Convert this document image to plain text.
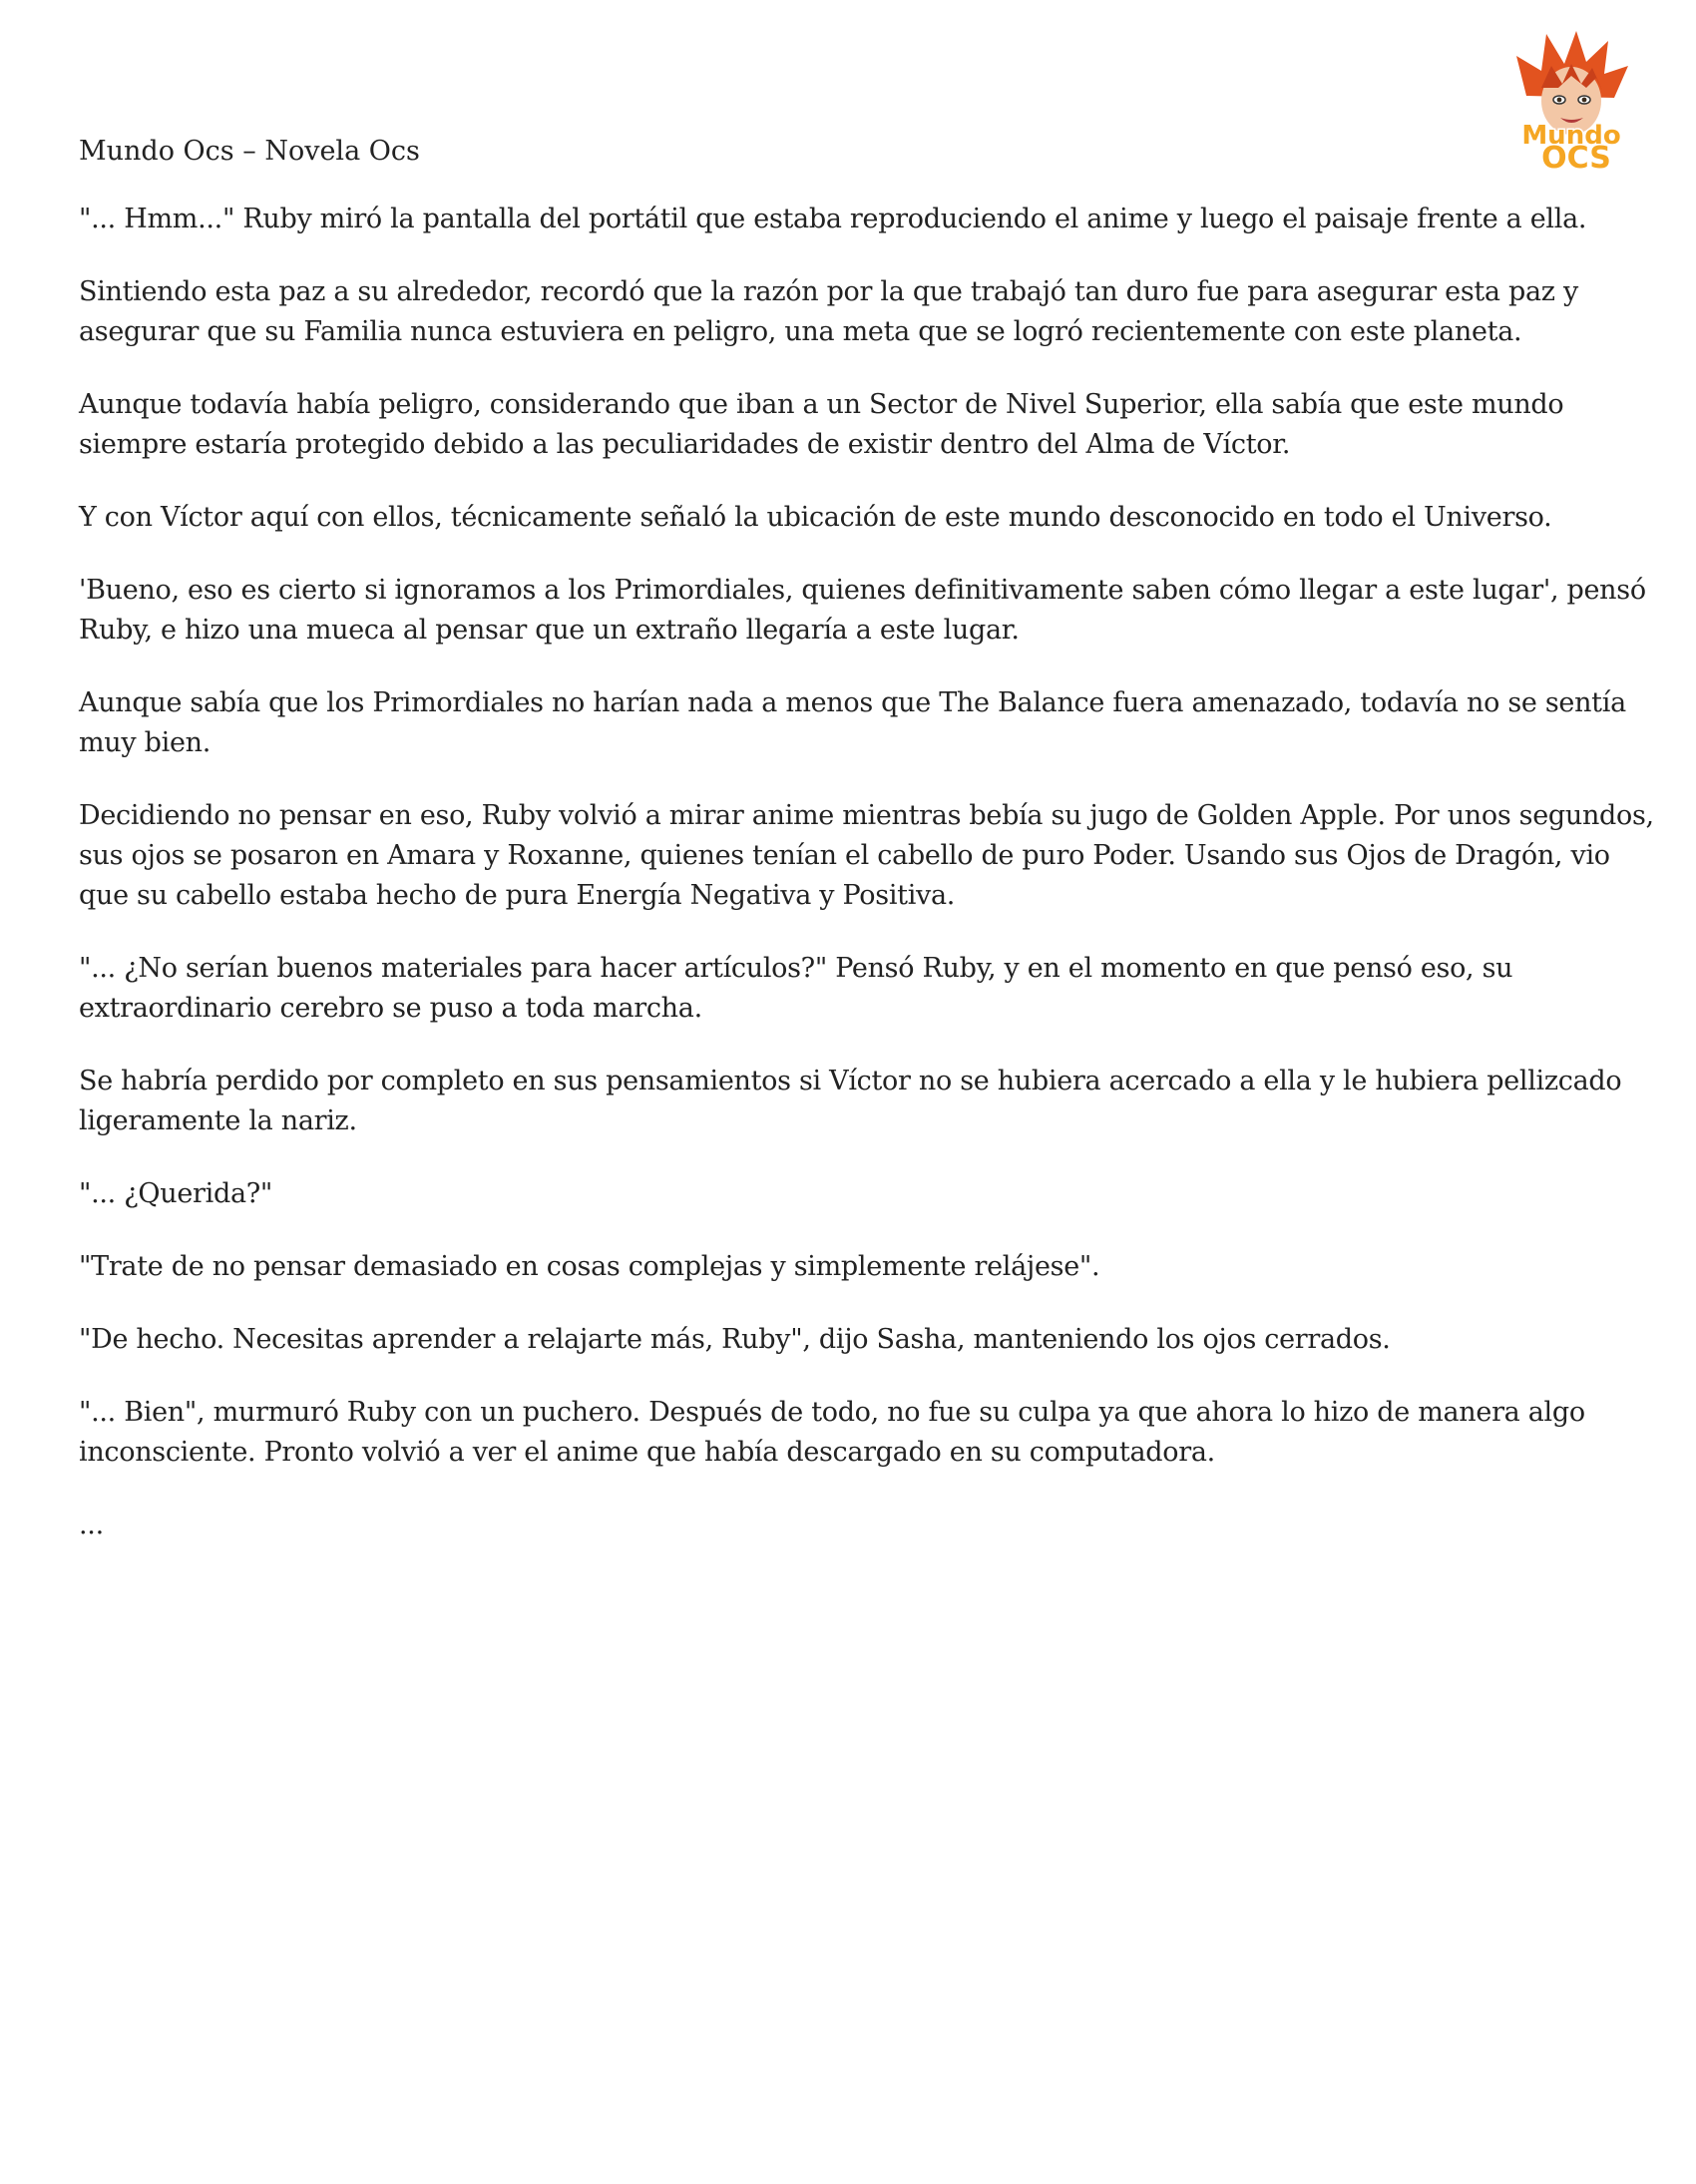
Mundo
OCS
Mundo Ocs – Novela Ocs

"... Hmm..." Ruby miró la pantalla del portátil que estaba reproduciendo el anime y luego el paisaje frente a ella.

Sintiendo esta paz a su alrededor, recordó que la razón por la que trabajó tan duro fue para asegurar esta paz y asegurar que su Familia nunca estuviera en peligro, una meta que se logró recientemente con este planeta.

Aunque todavía había peligro, considerando que iban a un Sector de Nivel Superior, ella sabía que este mundo siempre estaría protegido debido a las peculiaridades de existir dentro del Alma de Víctor.

Y con Víctor aquí con ellos, técnicamente señaló la ubicación de este mundo desconocido en todo el Universo.

'Bueno, eso es cierto si ignoramos a los Primordiales, quienes definitivamente saben cómo llegar a este lugar', pensó Ruby, e hizo una mueca al pensar que un extraño llegaría a este lugar.

Aunque sabía que los Primordiales no harían nada a menos que The Balance fuera amenazado, todavía no se sentía muy bien.

Decidiendo no pensar en eso, Ruby volvió a mirar anime mientras bebía su jugo de Golden Apple. Por unos segundos, sus ojos se posaron en Amara y Roxanne, quienes tenían el cabello de puro Poder. Usando sus Ojos de Dragón, vio que su cabello estaba hecho de pura Energía Negativa y Positiva.

"... ¿No serían buenos materiales para hacer artículos?" Pensó Ruby, y en el momento en que pensó eso, su extraordinario cerebro se puso a toda marcha.

Se habría perdido por completo en sus pensamientos si Víctor no se hubiera acercado a ella y le hubiera pellizcado ligeramente la nariz.

"... ¿Querida?"

"Trate de no pensar demasiado en cosas complejas y simplemente relájese".

"De hecho. Necesitas aprender a relajarte más, Ruby", dijo Sasha, manteniendo los ojos cerrados.

"... Bien", murmuró Ruby con un puchero. Después de todo, no fue su culpa ya que ahora lo hizo de manera algo inconsciente. Pronto volvió a ver el anime que había descargado en su computadora.

...
